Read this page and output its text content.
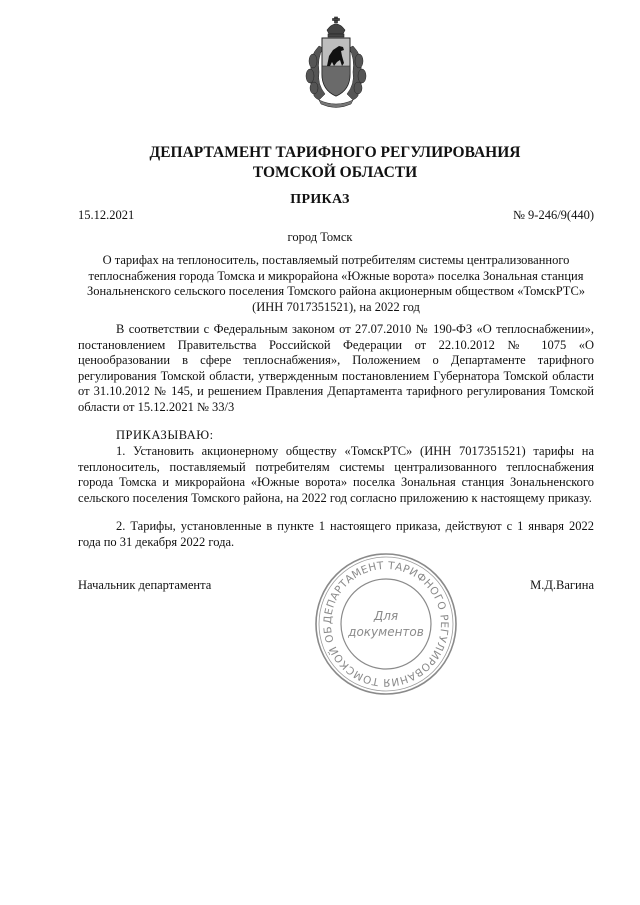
ДЕПАРТАМЕНТ ТАРИФНОГО РЕГУЛИРОВАНИЯ
ТОМСКОЙ ОБЛАСТИ
ПРИКАЗ
15.12.2021	№ 9-246/9(440)
город Томск
О тарифах на теплоноситель, поставляемый потребителям системы централизованного теплоснабжения города Томска и микрорайона «Южные ворота» поселка Зональная станция Зональненского сельского поселения Томского района акционерным обществом «ТомскРТС» (ИНН 7017351521), на 2022 год
В соответствии с Федеральным законом от 27.07.2010 № 190-ФЗ «О теплоснабжении», постановлением Правительства Российской Федерации от 22.10.2012 № 1075 «О ценообразовании в сфере теплоснабжения», Положением о Департаменте тарифного регулирования Томской области, утвержденным постановлением Губернатора Томской области от 31.10.2012 № 145, и решением Правления Департамента тарифного регулирования Томской области от 15.12.2021 № 33/3
ПРИКАЗЫВАЮ:
1. Установить акционерному обществу «ТомскРТС» (ИНН 7017351521) тарифы на теплоноситель, поставляемый потребителям системы централизованного теплоснабжения города Томска и микрорайона «Южные ворота» поселка Зональная станция Зональненского сельского поселения Томского района, на 2022 год согласно приложению к настоящему приказу.
2. Тарифы, установленные в пункте 1 настоящего приказа, действуют с 1 января 2022 года по 31 декабря 2022 года.
Начальник департамента	М.Д.Вагина
ДЕПАРТАМЕНТ ТАРИФНОГО РЕГУЛИРОВАНИЯ ТОМСКОЙ ОБ
Для
документов
